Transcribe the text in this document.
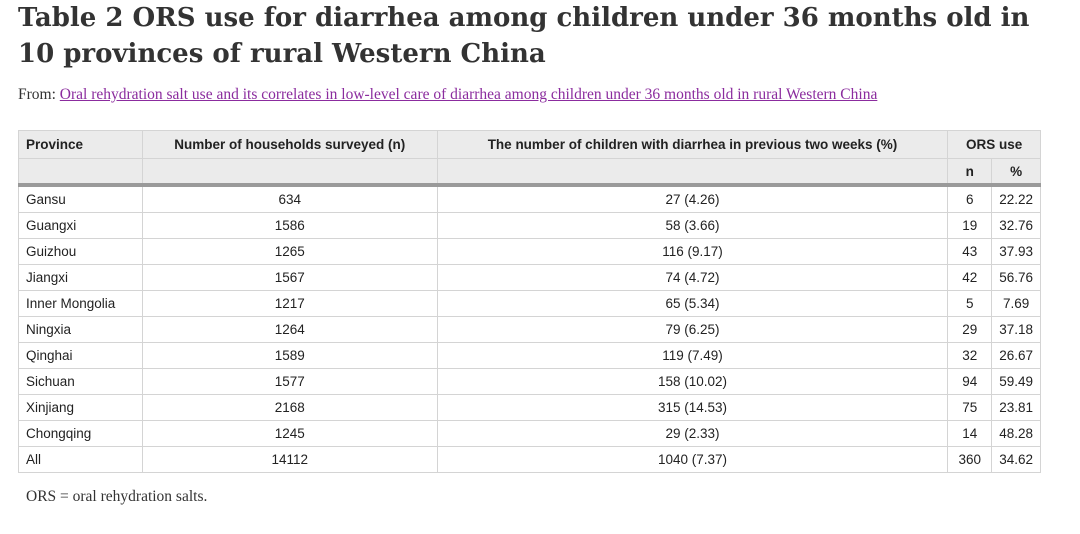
Table 2 ORS use for diarrhea among children under 36 months old in 10 provinces of rural Western China
From: Oral rehydration salt use and its correlates in low-level care of diarrhea among children under 36 months old in rural Western China
Province	Number of households surveyed (n)	The number of children with diarrhea in previous two weeks (%)	ORS use	
			n	%
Gansu	634	27 (4.26)	6	22.22
Guangxi	1586	58 (3.66)	19	32.76
Guizhou	1265	116 (9.17)	43	37.93
Jiangxi	1567	74 (4.72)	42	56.76
Inner Mongolia	1217	65 (5.34)	5	7.69
Ningxia	1264	79 (6.25)	29	37.18
Qinghai	1589	119 (7.49)	32	26.67
Sichuan	1577	158 (10.02)	94	59.49
Xinjiang	2168	315 (14.53)	75	23.81
Chongqing	1245	29 (2.33)	14	48.28
All	14112	1040 (7.37)	360	34.62
ORS = oral rehydration salts.
